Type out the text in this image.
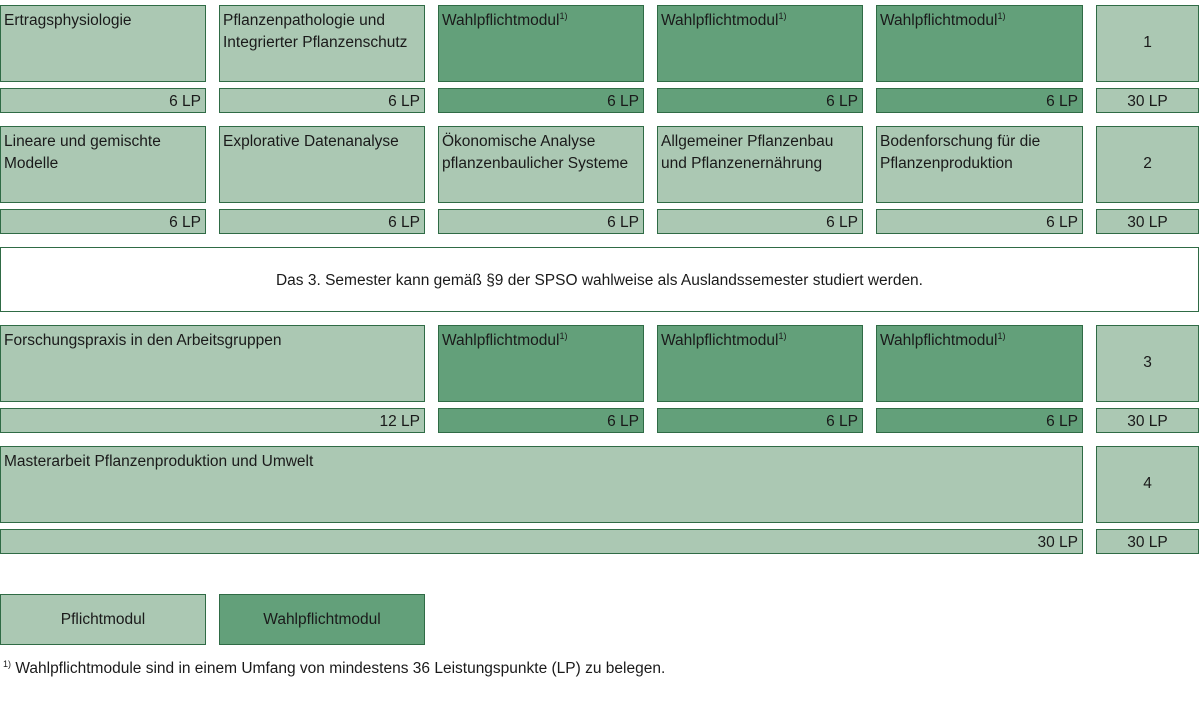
Ertragsphysiologie
6 LP
Pflanzenpathologie und Integrierter Pflanzenschutz
6 LP
Wahlpflichtmodul$^{1)}$
6 LP
Wahlpflichtmodul$^{1)}$
6 LP
Wahlpflichtmodul$^{1)}$
6 LP
1
30 LP
Lineare und gemischte Modelle
6 LP
Explorative Datenanalyse
6 LP
Ökonomische Analyse pflanzenbaulicher Systeme
6 LP
Allgemeiner Pflanzenbau und Pflanzenernährung
6 LP
Bodenforschung für die Pflanzenproduktion
6 LP
2
30 LP
Das 3. Semester kann gemäß §9 der SPSO wahlweise als Auslandssemester studiert werden.
Forschungspraxis in den Arbeitsgruppen
12 LP
Wahlpflichtmodul$^{1)}$
6 LP
Wahlpflichtmodul$^{1)}$
6 LP
Wahlpflichtmodul$^{1)}$
6 LP
3
30 LP
Masterarbeit Pflanzenproduktion und Umwelt
30 LP
4
30 LP
Pflichtmodul	Wahlpflichtmodul
$^{1)}$ Wahlpflichtmodule sind in einem Umfang von mindestens 36 Leistungspunkte (LP) zu belegen.
